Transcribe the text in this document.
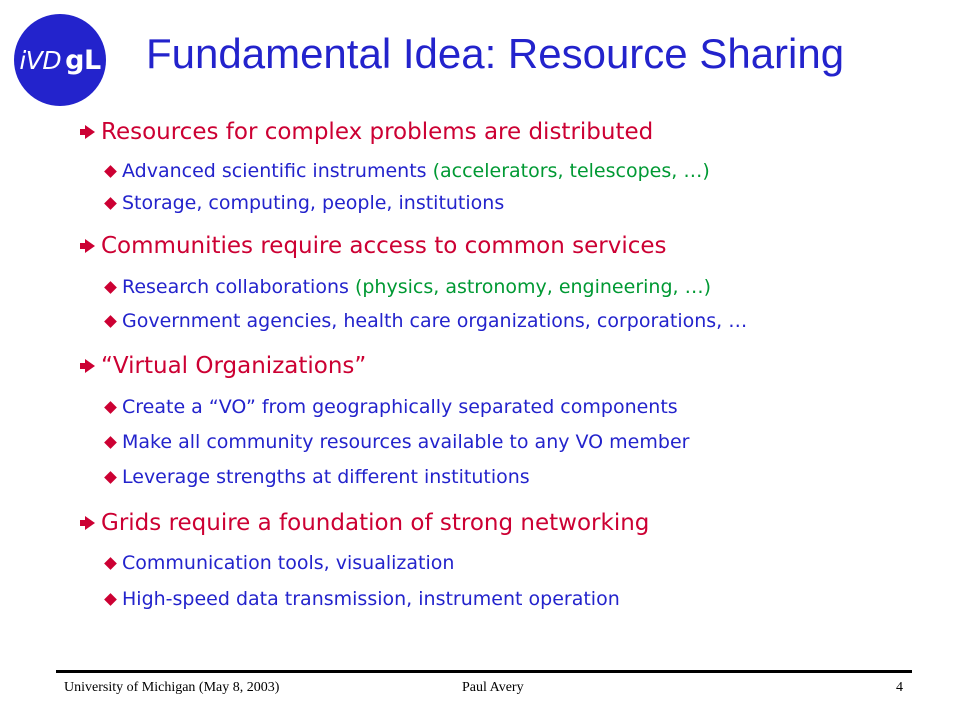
iVD gL Fundamental Idea: Resource Sharing
Resources for complex problems are distributed
Advanced scientific instruments
(accelerators, telescopes, …)
Storage, computing, people, institutions
Communities require access to common services
Research collaborations
(physics, astronomy, engineering, …)
Government agencies, health care organizations, corporations, …
“Virtual Organizations”
Create a “VO” from geographically separated components
Make all community resources available to any VO member
Leverage strengths at different institutions
Grids require a foundation of strong networking
Communication tools, visualization
High-speed data transmission, instrument operation
University of Michigan (May 8, 2003)	Paul Avery	4
